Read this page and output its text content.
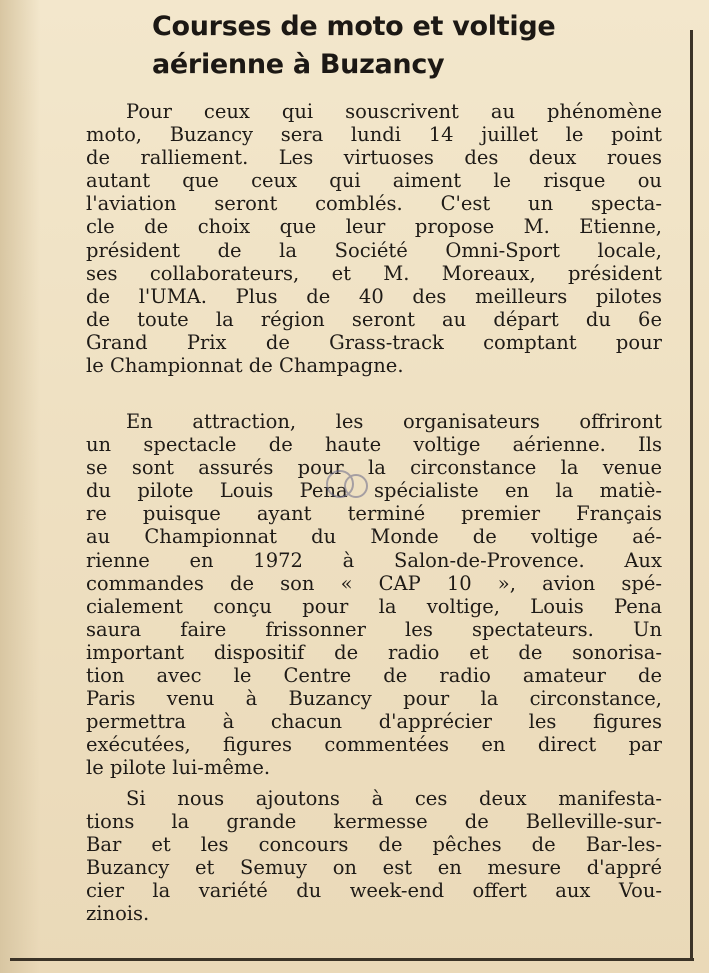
Courses de moto et voltige
aérienne à Buzancy
Pour ceux qui souscrivent au phénomène
moto, Buzancy sera lundi 14 juillet le point
de ralliement. Les virtuoses des deux roues
autant que ceux qui aiment le risque ou
l'aviation seront comblés. C'est un specta-
cle de choix que leur propose M. Etienne,
président de la Société Omni-Sport locale,
ses collaborateurs, et M. Moreaux, président
de l'UMA. Plus de 40 des meilleurs pilotes
de toute la région seront au départ du 6e
Grand Prix de Grass-track comptant pour
le Championnat de Champagne.
En attraction, les organisateurs offriront
un spectacle de haute voltige aérienne. Ils
se sont assurés pour la circonstance la venue
du pilote Louis Pena spécialiste en la matiè-
re puisque ayant terminé premier Français
au Championnat du Monde de voltige aé-
rienne en 1972 à Salon-de-Provence. Aux
commandes de son « CAP 10 », avion spé-
cialement conçu pour la voltige, Louis Pena
saura faire frissonner les spectateurs. Un
important dispositif de radio et de sonorisa-
tion avec le Centre de radio amateur de
Paris venu à Buzancy pour la circonstance,
permettra à chacun d'apprécier les figures
exécutées, figures commentées en direct par
le pilote lui-même.
Si nous ajoutons à ces deux manifesta-
tions la grande kermesse de Belleville-sur-
Bar et les concours de pêches de Bar-les-
Buzancy et Semuy on est en mesure d'appré
cier la variété du week-end offert aux Vou-
zinois.
